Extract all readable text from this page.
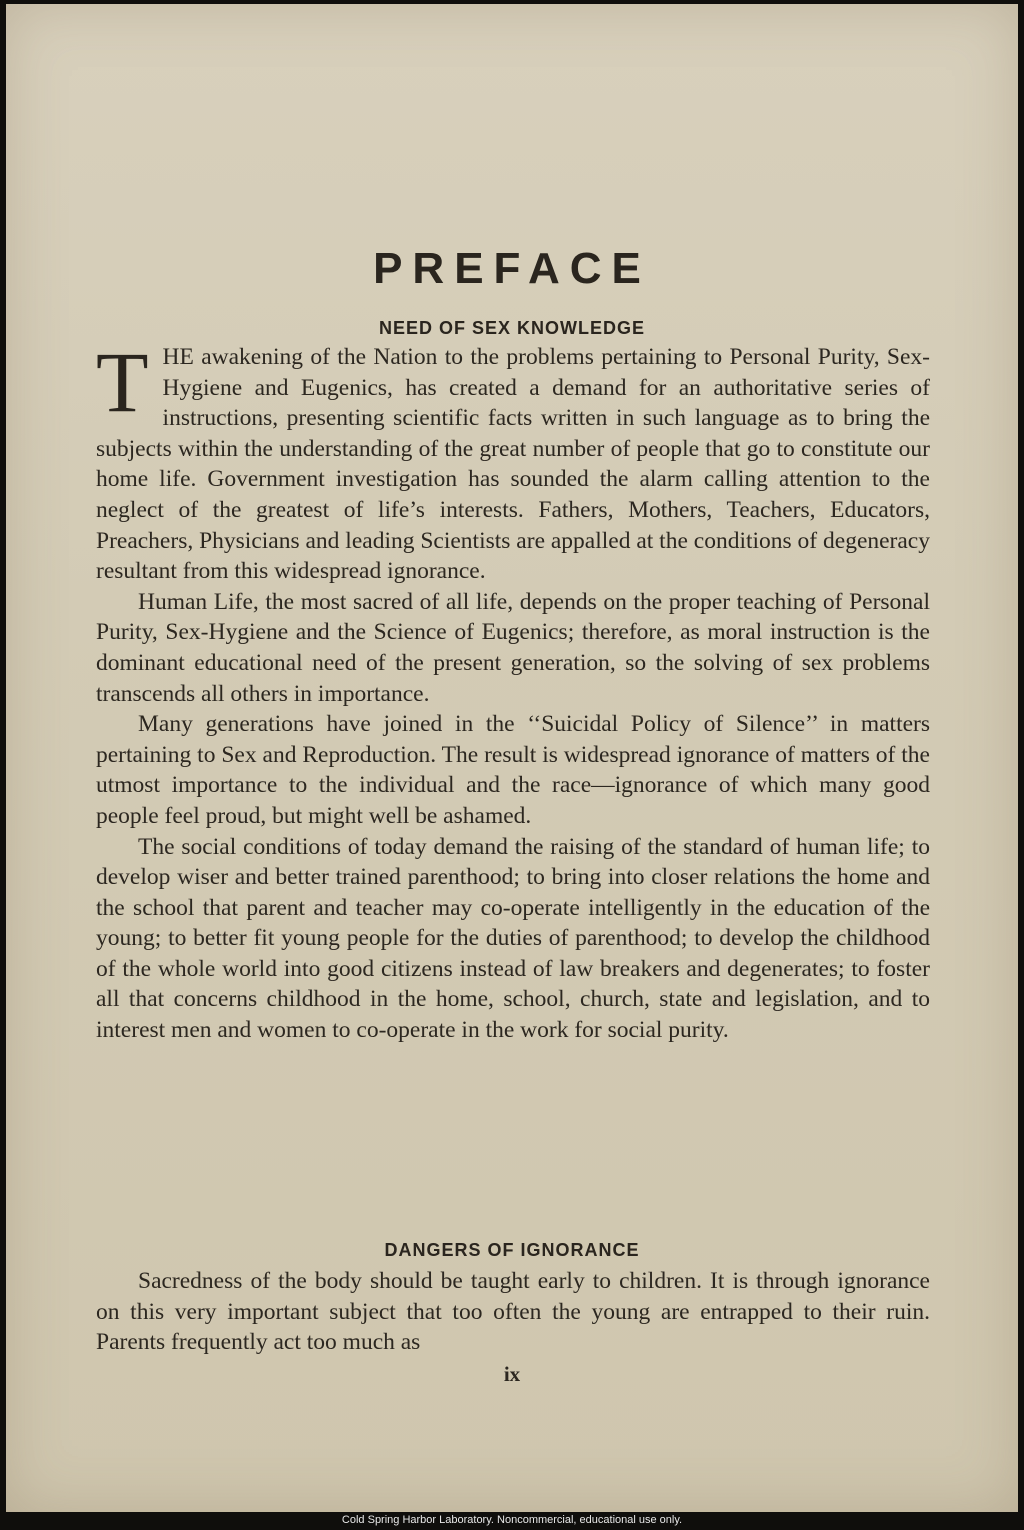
PREFACE
NEED OF SEX KNOWLEDGE

THE awakening of the Nation to the problems pertaining to Personal Purity, Sex-Hygiene and Eugenics, has created a demand for an authoritative series of instructions, presenting scientific facts written in such language as to bring the subjects within the understanding of the great number of people that go to constitute our home life. Government investigation has sounded the alarm calling attention to the neglect of the greatest of life’s interests. Fathers, Mothers, Teachers, Educators, Preachers, Physicians and leading Scientists are appalled at the conditions of degeneracy resultant from this widespread ignorance.

Human Life, the most sacred of all life, depends on the proper teaching of Personal Purity, Sex-Hygiene and the Science of Eugenics; therefore, as moral instruction is the dominant educational need of the present generation, so the solving of sex problems transcends all others in importance.

Many generations have joined in the ‘‘Suicidal Policy of Silence’’ in matters pertaining to Sex and Reproduction. The result is widespread ignorance of matters of the utmost importance to the individual and the race—ignorance of which many good people feel proud, but might well be ashamed.

The social conditions of today demand the raising of the standard of human life; to develop wiser and better trained parenthood; to bring into closer relations the home and the school that parent and teacher may co-operate intelligently in the education of the young; to better fit young people for the duties of parenthood; to develop the childhood of the whole world into good citizens instead of law breakers and degenerates; to foster all that concerns childhood in the home, school, church, state and legislation, and to interest men and women to co-operate in the work for social purity.

DANGERS OF IGNORANCE

Sacredness of the body should be taught early to children. It is through ignorance on this very important subject that too often the young are entrapped to their ruin. Parents frequently act too much as

ix
Cold Spring Harbor Laboratory. Noncommercial, educational use only.
